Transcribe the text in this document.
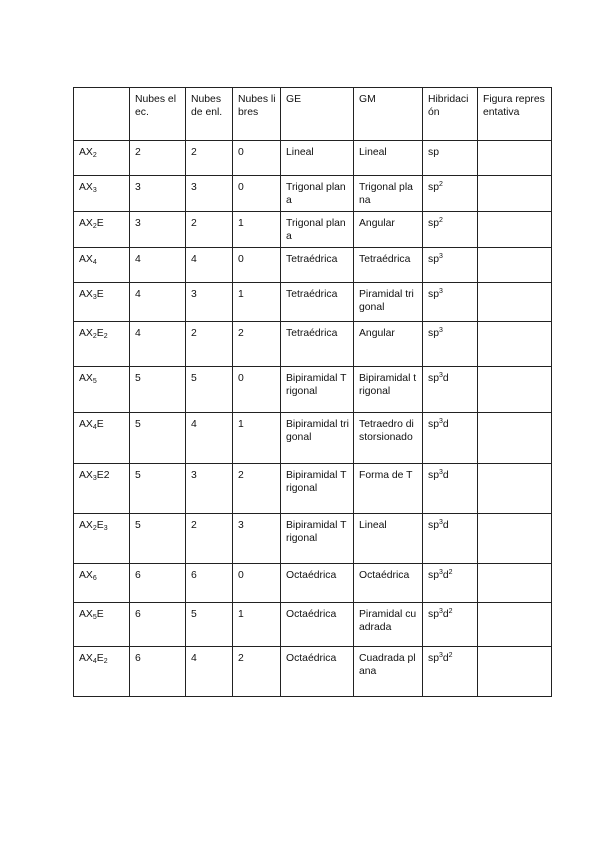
	Nubes elec.	Nubes de enl.	Nubes libres	GE	GM	Hibridación	Figura representativa
$AX_2$	2	2	0	Lineal	Lineal	sp	
$AX_3$	3	3	0	Trigonal plana	Trigonal plana	$sp^2$	
$AX_2E$	3	2	1	Trigonal plana	Angular	$sp^2$	
$AX_4$	4	4	0	Tetraédrica	Tetraédrica	$sp^3$	
$AX_3E$	4	3	1	Tetraédrica	Piramidal trigonal	$sp^3$	
$AX_2E_2$	4	2	2	Tetraédrica	Angular	$sp^3$	
$AX_5$	5	5	0	Bipiramidal Trigonal	Bipiramidal trigonal	$sp^3d$	
$AX_4E$	5	4	1	Bipiramidal trigonal	Tetraedro distorsionado	$sp^3d$	
$AX_3E2$	5	3	2	Bipiramidal Trigonal	Forma de T	$sp^3d$	
$AX_2E_3$	5	2	3	Bipiramidal Trigonal	Lineal	$sp^3d$	
$AX_6$	6	6	0	Octaédrica	Octaédrica	$sp^3d^2$	
$AX_5E$	6	5	1	Octaédrica	Piramidal cuadrada	$sp^3d^2$	
$AX_4E_2$	6	4	2	Octaédrica	Cuadrada plana	$sp^3d^2$	
